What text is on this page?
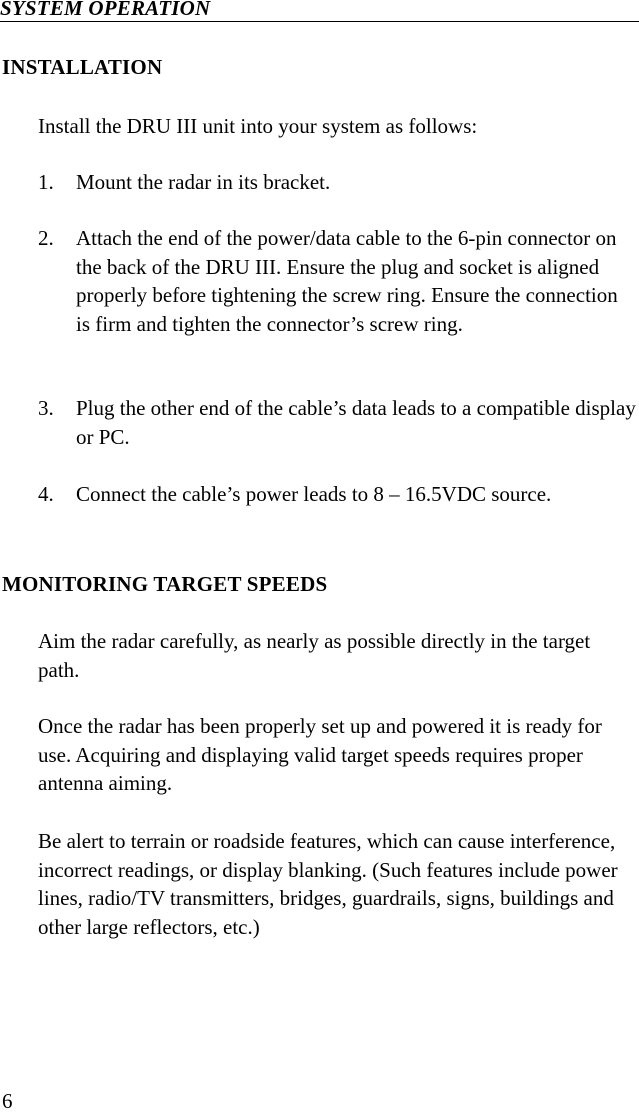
SYSTEM OPERATION
INSTALLATION

Install the DRU III unit into your system as follows:

1.	Mount the radar in its bracket.
2.	Attach the end of the power/data cable to the 6-pin connector on the back of the DRU III. Ensure the plug and socket is aligned properly before tightening the screw ring. Ensure the connection is firm and tighten the connector’s screw ring.
3.	Plug the other end of the cable’s data leads to a compatible display or PC.
4.	Connect the cable’s power leads to 8 – 16.5VDC source.
MONITORING TARGET SPEEDS

Aim the radar carefully, as nearly as possible directly in the target path.

Once the radar has been properly set up and powered it is ready for use. Acquiring and displaying valid target speeds requires proper antenna aiming.

Be alert to terrain or roadside features, which can cause interference, incorrect readings, or display blanking. (Such features include power lines, radio/TV transmitters, bridges, guardrails, signs, buildings and other large reflectors, etc.)

6
